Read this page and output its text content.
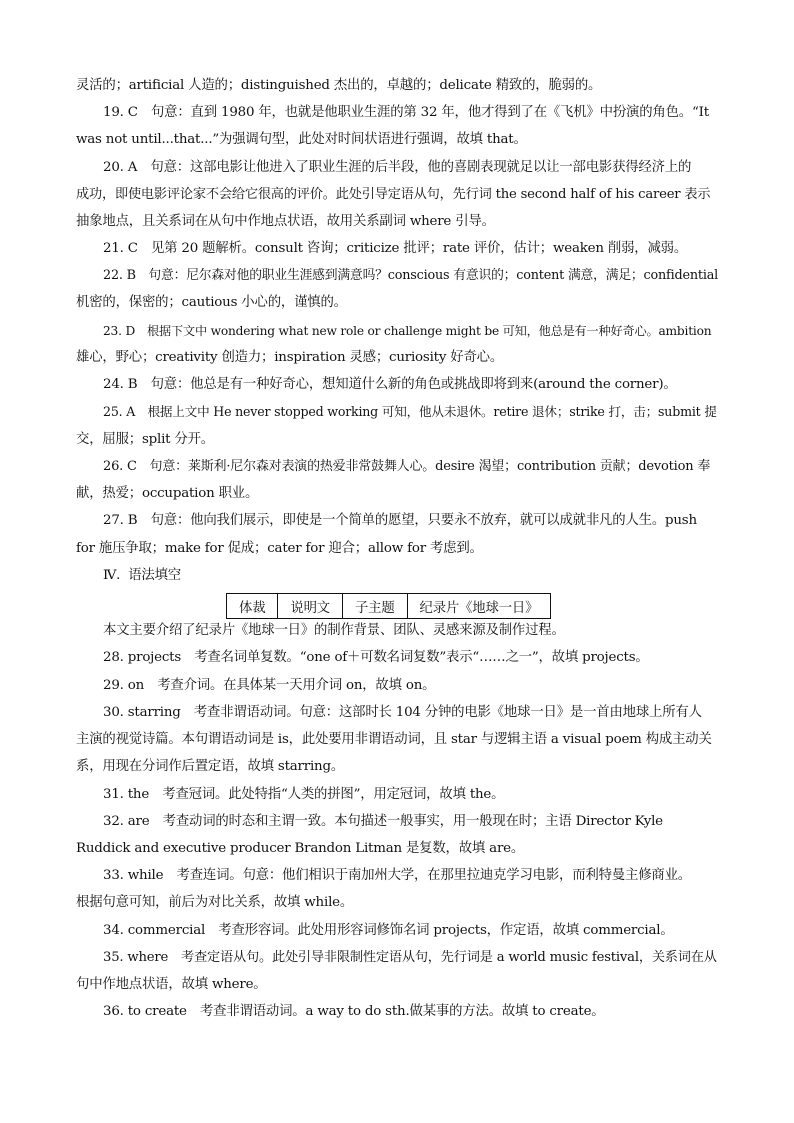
灵活的；artificial 人造的；distinguished 杰出的，卓越的；delicate 精致的，脆弱的。
19. C　句意：直到 1980 年，也就是他职业生涯的第 32 年，他才得到了在《飞机》中扮演的角色。“It
was not until...that...”为强调句型，此处对时间状语进行强调，故填 that。
20. A　句意：这部电影让他进入了职业生涯的后半段，他的喜剧表现就足以让一部电影获得经济上的
成功，即使电影评论家不会给它很高的评价。此处引导定语从句，先行词 the second half of his career 表示
抽象地点，且关系词在从句中作地点状语，故用关系副词 where 引导。
21. C　见第 20 题解析。consult 咨询；criticize 批评；rate 评价，估计；weaken 削弱，减弱。
22. B　句意：尼尔森对他的职业生涯感到满意吗？conscious 有意识的；content 满意，满足；confidential
机密的，保密的；cautious 小心的，谨慎的。
23. D　根据下文中 wondering what new role or challenge might be 可知，他总是有一种好奇心。ambition
雄心，野心；creativity 创造力；inspiration 灵感；curiosity 好奇心。
24. B　句意：他总是有一种好奇心，想知道什么新的角色或挑战即将到来(around the corner)。
25. A　根据上文中 He never stopped working 可知，他从未退休。retire 退休；strike 打，击；submit 提
交，屈服；split 分开。
26. C　句意：莱斯利·尼尔森对表演的热爱非常鼓舞人心。desire 渴望；contribution 贡献；devotion 奉
献，热爱；occupation 职业。
27. B　句意：他向我们展示，即使是一个简单的愿望，只要永不放弃，就可以成就非凡的人生。push
for 施压争取；make for 促成；cater for 迎合；allow for 考虑到。
Ⅳ. 语法填空
体裁	说明文	子主题	纪录片《地球一日》
本文主要介绍了纪录片《地球一日》的制作背景、团队、灵感来源及制作过程。
28. projects　考查名词单复数。“one of＋可数名词复数”表示“……之一”，故填 projects。
29. on　考查介词。在具体某一天用介词 on，故填 on。
30. starring　考查非谓语动词。句意：这部时长 104 分钟的电影《地球一日》是一首由地球上所有人
主演的视觉诗篇。本句谓语动词是 is，此处要用非谓语动词，且 star 与逻辑主语 a visual poem 构成主动关
系，用现在分词作后置定语，故填 starring。
31. the　考查冠词。此处特指“人类的拼图”，用定冠词，故填 the。
32. are　考查动词的时态和主谓一致。本句描述一般事实，用一般现在时；主语 Director Kyle
Ruddick and executive producer Brandon Litman 是复数，故填 are。
33. while　考查连词。句意：他们相识于南加州大学，在那里拉迪克学习电影，而利特曼主修商业。
根据句意可知，前后为对比关系，故填 while。
34. commercial　考查形容词。此处用形容词修饰名词 projects，作定语，故填 commercial。
35. where　考查定语从句。此处引导非限制性定语从句，先行词是 a world music festival，关系词在从
句中作地点状语，故填 where。
36. to create　考查非谓语动词。a way to do sth.做某事的方法。故填 to create。
